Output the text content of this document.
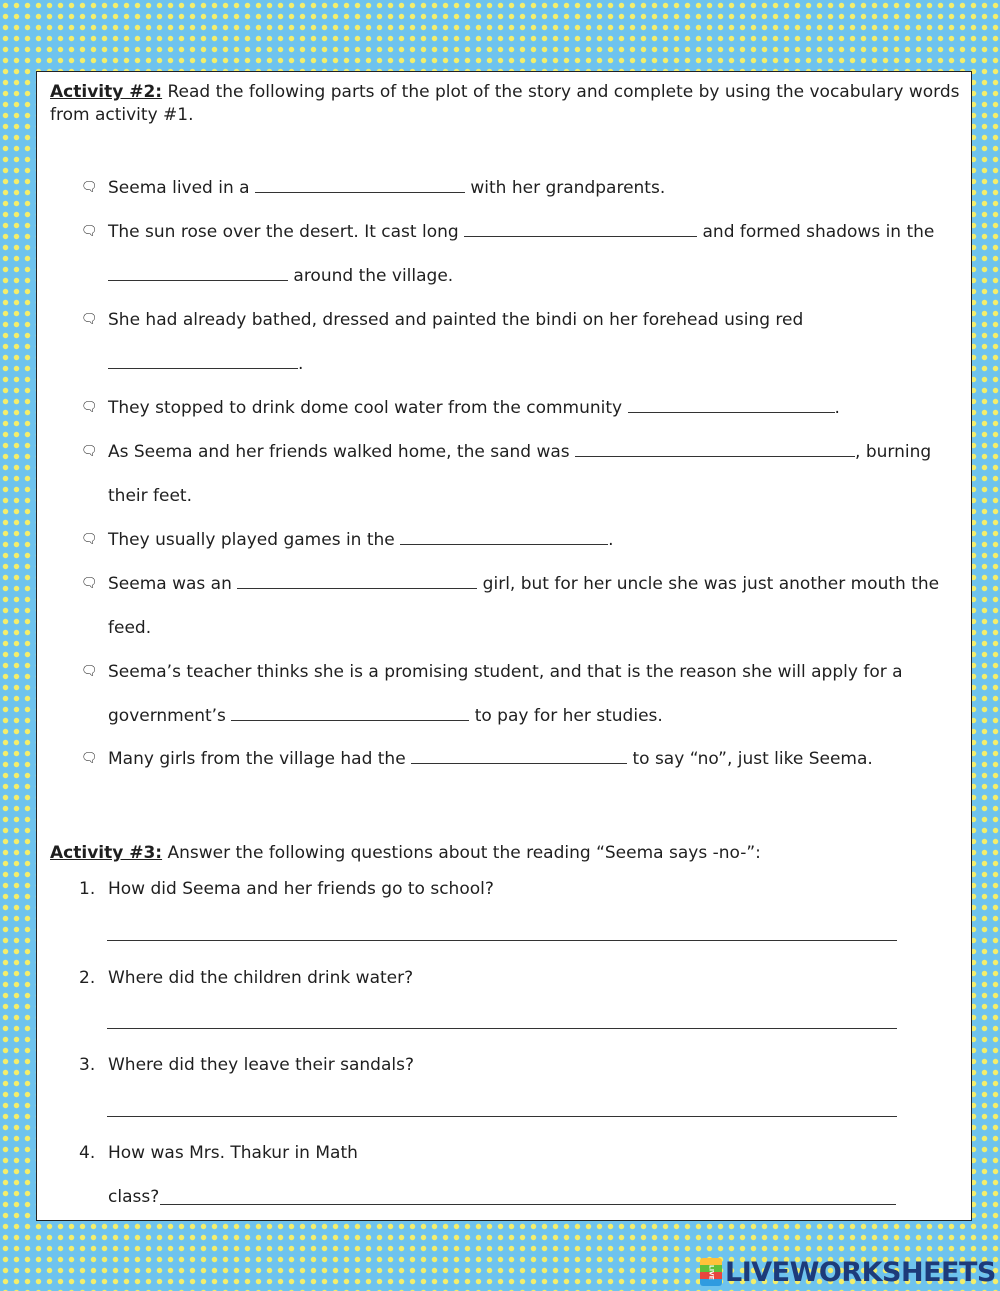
Activity #2: Read the following parts of the plot of the story and complete by using the vocabulary words from activity #1.
🗨︎ Seema lived in a	with her grandparents.
🗨︎ The sun rose over the desert. It cast long	and formed shadows in the
around the village.
🗨︎ She had already bathed, dressed and painted the bindi on her forehead using red
.
🗨︎ They stopped to drink dome cool water from the community	.
🗨︎ As Seema and her friends walked home, the sand was	, burning
their feet.
🗨︎ They usually played games in the	.
🗨︎ Seema was an	girl, but for her uncle she was just another mouth the
feed.
🗨︎ Seema’s teacher thinks she is a promising student, and that is the reason she will apply for a
government’s	to pay for her studies.
🗨︎ Many girls from the village had the	to say “no”, just like Seema.
Activity #3: Answer the following questions about the reading “Seema says -no-”:
1. How did Seema and her friends go to school?
2. Where did the children drink water?
3. Where did they leave their sandals?
4. How was Mrs. Thakur in Math
class?
LIVE LIVEWORKSHEETS
